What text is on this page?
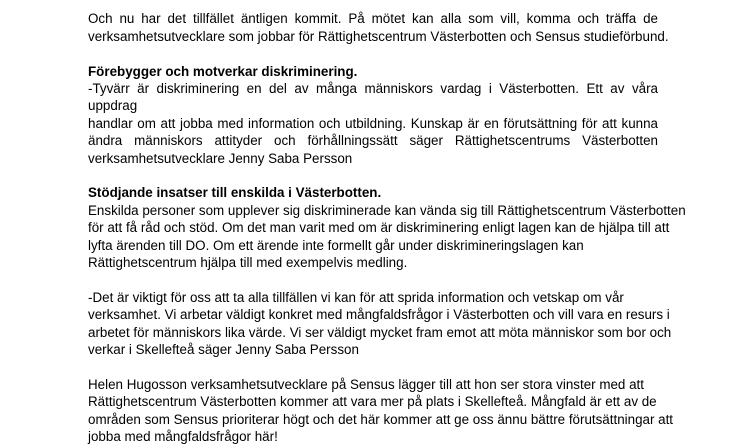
Och nu har det tillfället äntligen kommit. På mötet kan alla som vill, komma och träffa de

verksamhetsutvecklare som jobbar för Rättighetscentrum Västerbotten och Sensus studieförbund.

Förebygger och motverkar diskriminering.

-Tyvärr är diskriminering en del av många människors vardag i Västerbotten. Ett av våra uppdrag

handlar om att jobba med information och utbildning. Kunskap är en förutsättning för att kunna

ändra människors attityder och förhållningssätt säger Rättighetscentrums Västerbotten

verksamhetsutvecklare Jenny Saba Persson

Stödjande insatser till enskilda i Västerbotten.

Enskilda personer som upplever sig diskriminerade kan vända sig till Rättighetscentrum Västerbotten

för att få råd och stöd. Om det man varit med om är diskriminering enligt lagen kan de hjälpa till att

lyfta ärenden till DO. Om ett ärende inte formellt går under diskrimineringslagen kan

Rättighetscentrum hjälpa till med exempelvis medling.

-Det är viktigt för oss att ta alla tillfällen vi kan för att sprida information och vetskap om vår

verksamhet. Vi arbetar väldigt konkret med mångfaldsfrågor i Västerbotten och vill vara en resurs i

arbetet för människors lika värde. Vi ser väldigt mycket fram emot att möta människor som bor och

verkar i Skellefteå säger Jenny Saba Persson

Helen Hugosson verksamhetsutvecklare på Sensus lägger till att hon ser stora vinster med att

Rättighetscentrum Västerbotten kommer att vara mer på plats i Skellefteå. Mångfald är ett av de

områden som Sensus prioriterar högt och det här kommer att ge oss ännu bättre förutsättningar att

jobba med mångfaldsfrågor här!
